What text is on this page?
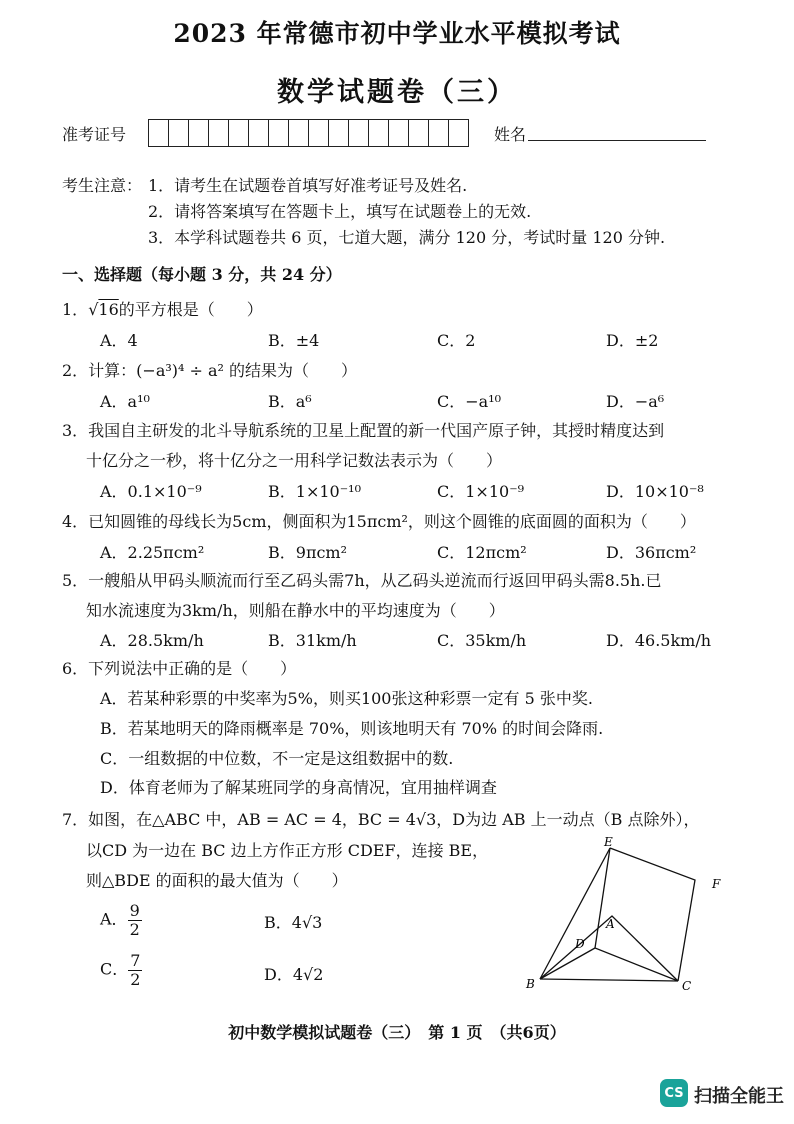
2023 年常德市初中学业水平模拟考试
数学试题卷（三）
准考证号	姓名
考生注意： 1．请考生在试题卷首填写好准考证号及姓名.
2．请将答案填写在答题卡上，填写在试题卷上的无效.
3．本学科试题卷共 6 页，七道大题，满分 120 分，考试时量 120 分钟.
一、选择题（每小题 3 分，共 24 分）
1．√16的平方根是（　　）
A．4	B．±4	C．2	D．±2
2．计算：(−a³)⁴ ÷ a² 的结果为（　　）
A．a¹⁰	B．a⁶	C．−a¹⁰	D．−a⁶
3．我国自主研发的北斗导航系统的卫星上配置的新一代国产原子钟，其授时精度达到
十亿分之一秒，将十亿分之一用科学记数法表示为（　　）
A．0.1×10⁻⁹	B．1×10⁻¹⁰	C．1×10⁻⁹	D．10×10⁻⁸
4．已知圆锥的母线长为5cm，侧面积为15πcm²，则这个圆锥的底面圆的面积为（　　）
A．2.25πcm²	B．9πcm²	C．12πcm²	D．36πcm²
5．一艘船从甲码头顺流而行至乙码头需7h，从乙码头逆流而行返回甲码头需8.5h.已
知水流速度为3km/h，则船在静水中的平均速度为（　　）
A．28.5km/h	B．31km/h	C．35km/h	D．46.5km/h
6．下列说法中正确的是（　　）
A．若某种彩票的中奖率为5%，则买100张这种彩票一定有 5 张中奖.
B．若某地明天的降雨概率是 70%，则该地明天有 70% 的时间会降雨.
C．一组数据的中位数，不一定是这组数据中的数.
D．体育老师为了解某班同学的身高情况，宜用抽样调查
7．如图，在△ABC 中，AB = AC = 4，BC = 4√3，D为边 AB 上一动点（B 点除外），
以CD 为一边在 BC 边上方作正方形 CDEF，连接 BE，
则△BDE 的面积的最大值为（　　）
A． $\frac{9}{2}$	B．4√3
C． $\frac{7}{2}$	D．4√2
E
F
A
D
B	C
初中数学模拟试题卷（三）　第 1 页　（共6页）
CS 扫描全能王
